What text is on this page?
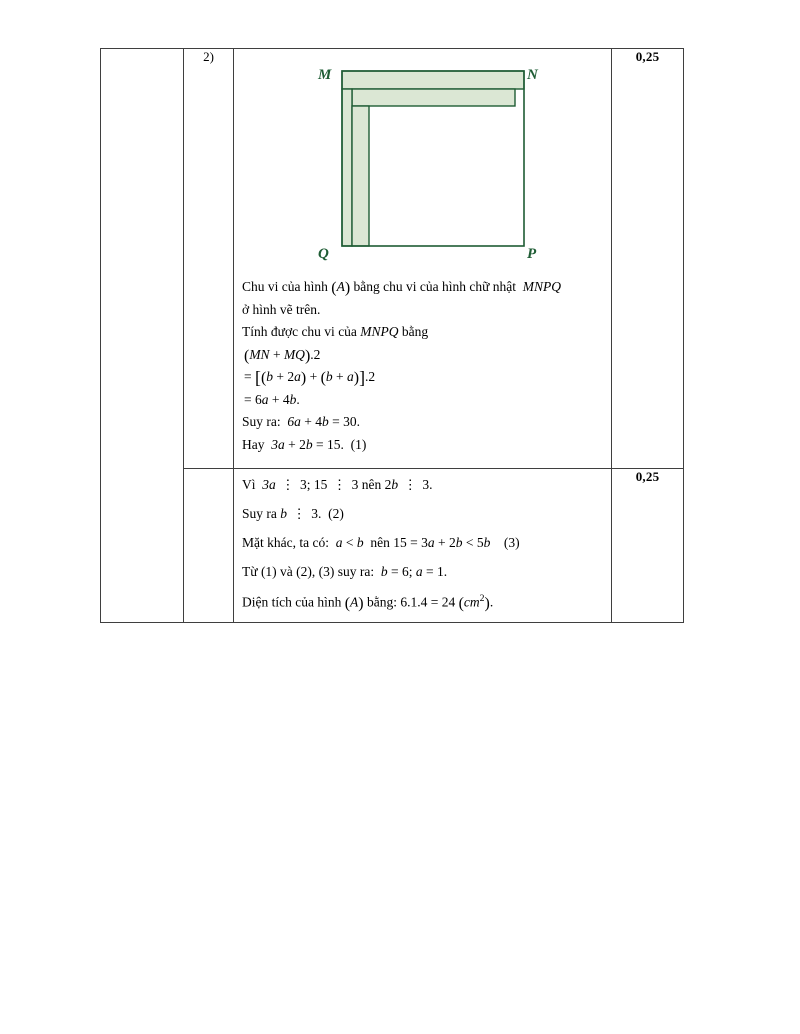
	2)	
M	N
Q	P

Chu vi của hình (A) bằng chu vi của hình chữ nhật  MNPQ

ở hình vẽ trên.

Tính được chu vi của MNPQ bằng

(MN + MQ).2

= [(b + 2a) + (b + a)].2

= 6a + 4b.

Suy ra:  6a + 4b = 30.

Hay  3a + 2b = 15.  (1)

	0,25

		Vì  3a ⋮ 3; 15 ⋮ 3 nên 2b ⋮ 3.

Suy ra b ⋮ 3.  (2)

Mặt khác, ta có:  a < b  nên 15 = 3a + 2b < 5b    (3)

Từ (1) và (2), (3) suy ra:  b = 6; a = 1.

Diện tích của hình (A) bằng: 6.1.4 = 24 $(cm^2)$.	0,25
